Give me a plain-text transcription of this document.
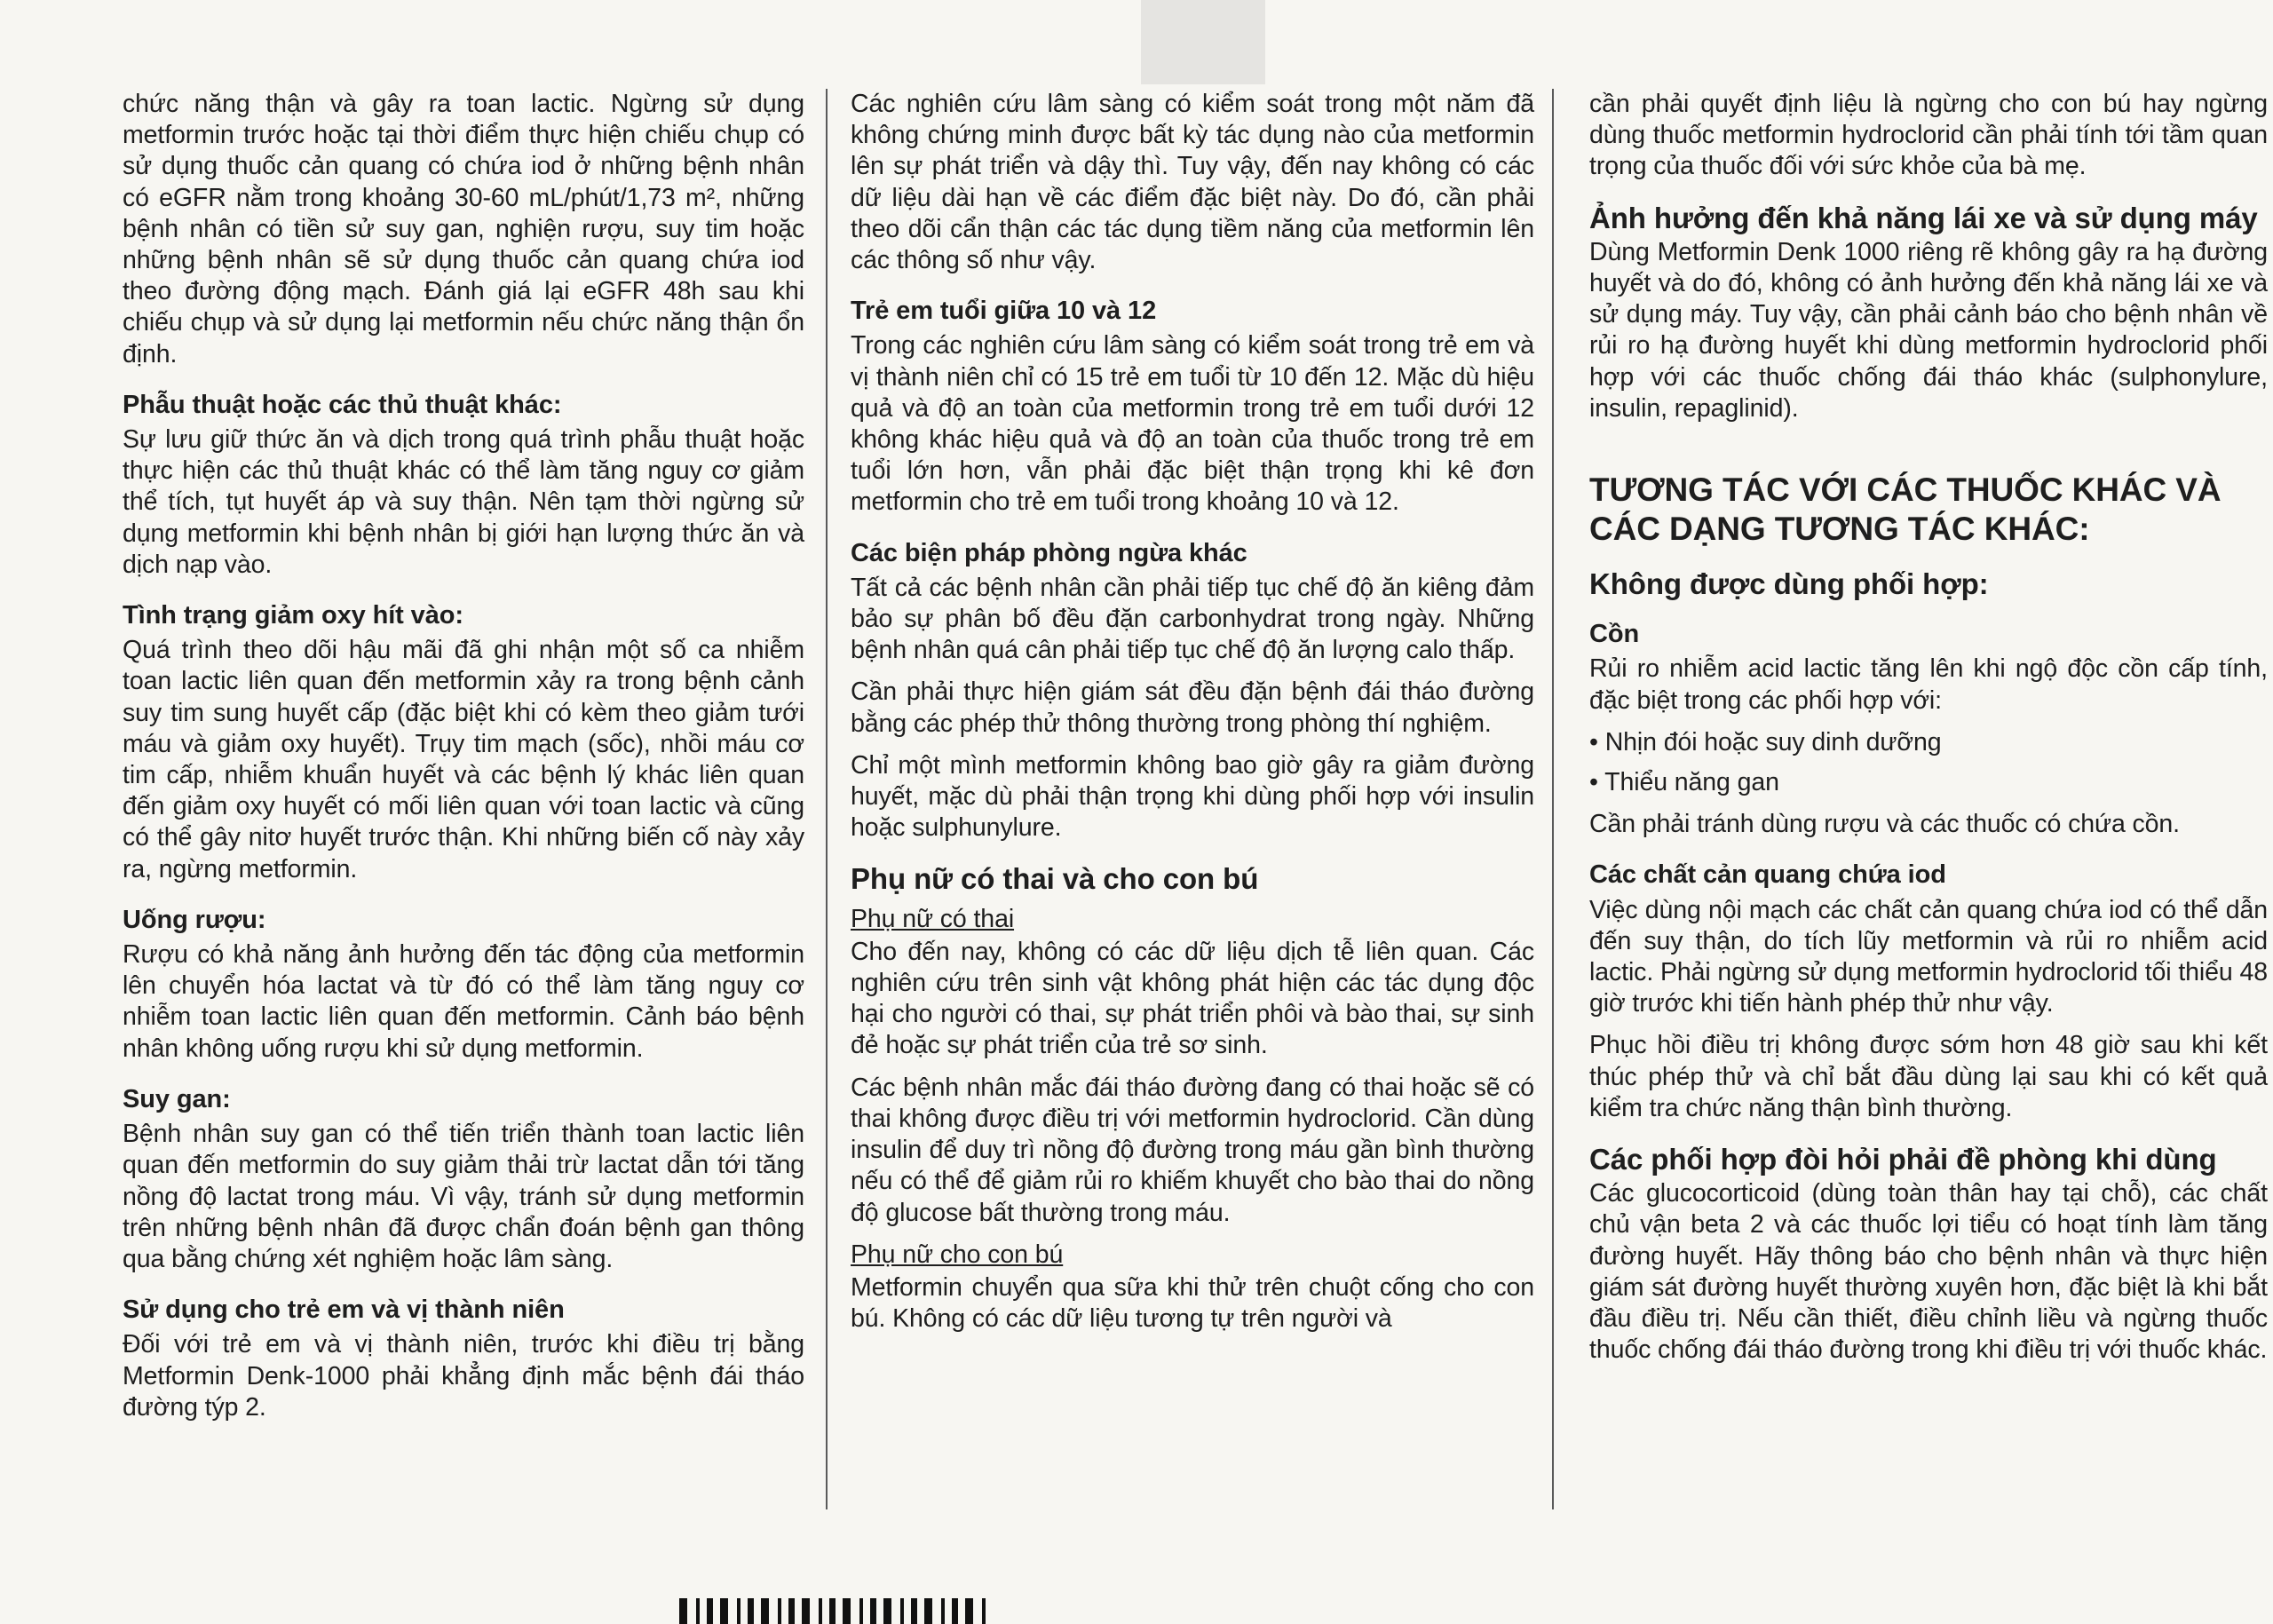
chức năng thận và gây ra toan lactic. Ngừng sử dụng metformin trước hoặc tại thời điểm thực hiện chiếu chụp có sử dụng thuốc cản quang có chứa iod ở những bệnh nhân có eGFR nằm trong khoảng 30-60 mL/phút/1,73 m², những bệnh nhân có tiền sử suy gan, nghiện rượu, suy tim hoặc những bệnh nhân sẽ sử dụng thuốc cản quang chứa iod theo đường động mạch. Đánh giá lại eGFR 48h sau khi chiếu chụp và sử dụng lại metformin nếu chức năng thận ổn định.

Phẫu thuật hoặc các thủ thuật khác:

Sự lưu giữ thức ăn và dịch trong quá trình phẫu thuật hoặc thực hiện các thủ thuật khác có thể làm tăng nguy cơ giảm thể tích, tụt huyết áp và suy thận. Nên tạm thời ngừng sử dụng metformin khi bệnh nhân bị giới hạn lượng thức ăn và dịch nạp vào.

Tình trạng giảm oxy hít vào:

Quá trình theo dõi hậu mãi đã ghi nhận một số ca nhiễm toan lactic liên quan đến metformin xảy ra trong bệnh cảnh suy tim sung huyết cấp (đặc biệt khi có kèm theo giảm tưới máu và giảm oxy huyết). Trụy tim mạch (sốc), nhồi máu cơ tim cấp, nhiễm khuẩn huyết và các bệnh lý khác liên quan đến giảm oxy huyết có mối liên quan với toan lactic và cũng có thể gây nitơ huyết trước thận. Khi những biến cố này xảy ra, ngừng metformin.

Uống rượu:

Rượu có khả năng ảnh hưởng đến tác động của metformin lên chuyển hóa lactat và từ đó có thể làm tăng nguy cơ nhiễm toan lactic liên quan đến metformin. Cảnh báo bệnh nhân không uống rượu khi sử dụng metformin.

Suy gan:

Bệnh nhân suy gan có thể tiến triển thành toan lactic liên quan đến metformin do suy giảm thải trừ lactat dẫn tới tăng nồng độ lactat trong máu. Vì vậy, tránh sử dụng metformin trên những bệnh nhân đã được chẩn đoán bệnh gan thông qua bằng chứng xét nghiệm hoặc lâm sàng.

Sử dụng cho trẻ em và vị thành niên

Đối với trẻ em và vị thành niên, trước khi điều trị bằng Metformin Denk-1000 phải khẳng định mắc bệnh đái tháo đường týp 2.

Các nghiên cứu lâm sàng có kiểm soát trong một năm đã không chứng minh được bất kỳ tác dụng nào của metformin lên sự phát triển và dậy thì. Tuy vậy, đến nay không có các dữ liệu dài hạn về các điểm đặc biệt này. Do đó, cần phải theo dõi cẩn thận các tác dụng tiềm năng của metformin lên các thông số như vậy.

Trẻ em tuổi giữa 10 và 12

Trong các nghiên cứu lâm sàng có kiểm soát trong trẻ em và vị thành niên chỉ có 15 trẻ em tuổi từ 10 đến 12. Mặc dù hiệu quả và độ an toàn của metformin trong trẻ em tuổi dưới 12 không khác hiệu quả và độ an toàn của thuốc trong trẻ em tuổi lớn hơn, vẫn phải đặc biệt thận trọng khi kê đơn metformin cho trẻ em tuổi trong khoảng 10 và 12.

Các biện pháp phòng ngừa khác

Tất cả các bệnh nhân cần phải tiếp tục chế độ ăn kiêng đảm bảo sự phân bố đều đặn carbonhydrat trong ngày. Những bệnh nhân quá cân phải tiếp tục chế độ ăn lượng calo thấp.

Cần phải thực hiện giám sát đều đặn bệnh đái tháo đường bằng các phép thử thông thường trong phòng thí nghiệm.

Chỉ một mình metformin không bao giờ gây ra giảm đường huyết, mặc dù phải thận trọng khi dùng phối hợp với insulin hoặc sulphunylure.

Phụ nữ có thai và cho con bú
Phụ nữ có thai

Cho đến nay, không có các dữ liệu dịch tễ liên quan. Các nghiên cứu trên sinh vật không phát hiện các tác dụng độc hại cho người có thai, sự phát triển phôi và bào thai, sự sinh đẻ hoặc sự phát triển của trẻ sơ sinh.

Các bệnh nhân mắc đái tháo đường đang có thai hoặc sẽ có thai không được điều trị với metformin hydroclorid. Cần dùng insulin để duy trì nồng độ đường trong máu gần bình thường nếu có thể để giảm rủi ro khiếm khuyết cho bào thai do nồng độ glucose bất thường trong máu.

Phụ nữ cho con bú

Metformin chuyển qua sữa khi thử trên chuột cống cho con bú. Không có các dữ liệu tương tự trên người và

cần phải quyết định liệu là ngừng cho con bú hay ngừng dùng thuốc metformin hydroclorid cần phải tính tới tầm quan trọng của thuốc đối với sức khỏe của bà mẹ.

Ảnh hưởng đến khả năng lái xe và sử dụng máy

Dùng Metformin Denk 1000 riêng rẽ không gây ra hạ đường huyết và do đó, không có ảnh hưởng đến khả năng lái xe và sử dụng máy. Tuy vậy, cần phải cảnh báo cho bệnh nhân về rủi ro hạ đường huyết khi dùng metformin hydroclorid phối hợp với các thuốc chống đái tháo khác (sulphonylure, insulin, repaglinid).

TƯƠNG TÁC VỚI CÁC THUỐC KHÁC VÀ CÁC DẠNG TƯƠNG TÁC KHÁC:
Không được dùng phối hợp:
Cồn

Rủi ro nhiễm acid lactic tăng lên khi ngộ độc cồn cấp tính, đặc biệt trong các phối hợp với:

• Nhịn đói hoặc suy dinh dưỡng
• Thiểu năng gan

Cần phải tránh dùng rượu và các thuốc có chứa cồn.

Các chất cản quang chứa iod

Việc dùng nội mạch các chất cản quang chứa iod có thể dẫn đến suy thận, do tích lũy metformin và rủi ro nhiễm acid lactic. Phải ngừng sử dụng metformin hydroclorid tối thiểu 48 giờ trước khi tiến hành phép thử như vậy.

Phục hồi điều trị không được sớm hơn 48 giờ sau khi kết thúc phép thử và chỉ bắt đầu dùng lại sau khi có kết quả kiểm tra chức năng thận bình thường.

Các phối hợp đòi hỏi phải đề phòng khi dùng

Các glucocorticoid (dùng toàn thân hay tại chỗ), các chất chủ vận beta 2 và các thuốc lợi tiểu có hoạt tính làm tăng đường huyết. Hãy thông báo cho bệnh nhân và thực hiện giám sát đường huyết thường xuyên hơn, đặc biệt là khi bắt đầu điều trị. Nếu cần thiết, điều chỉnh liều và ngừng thuốc thuốc chống đái tháo đường trong khi điều trị với thuốc khác.
